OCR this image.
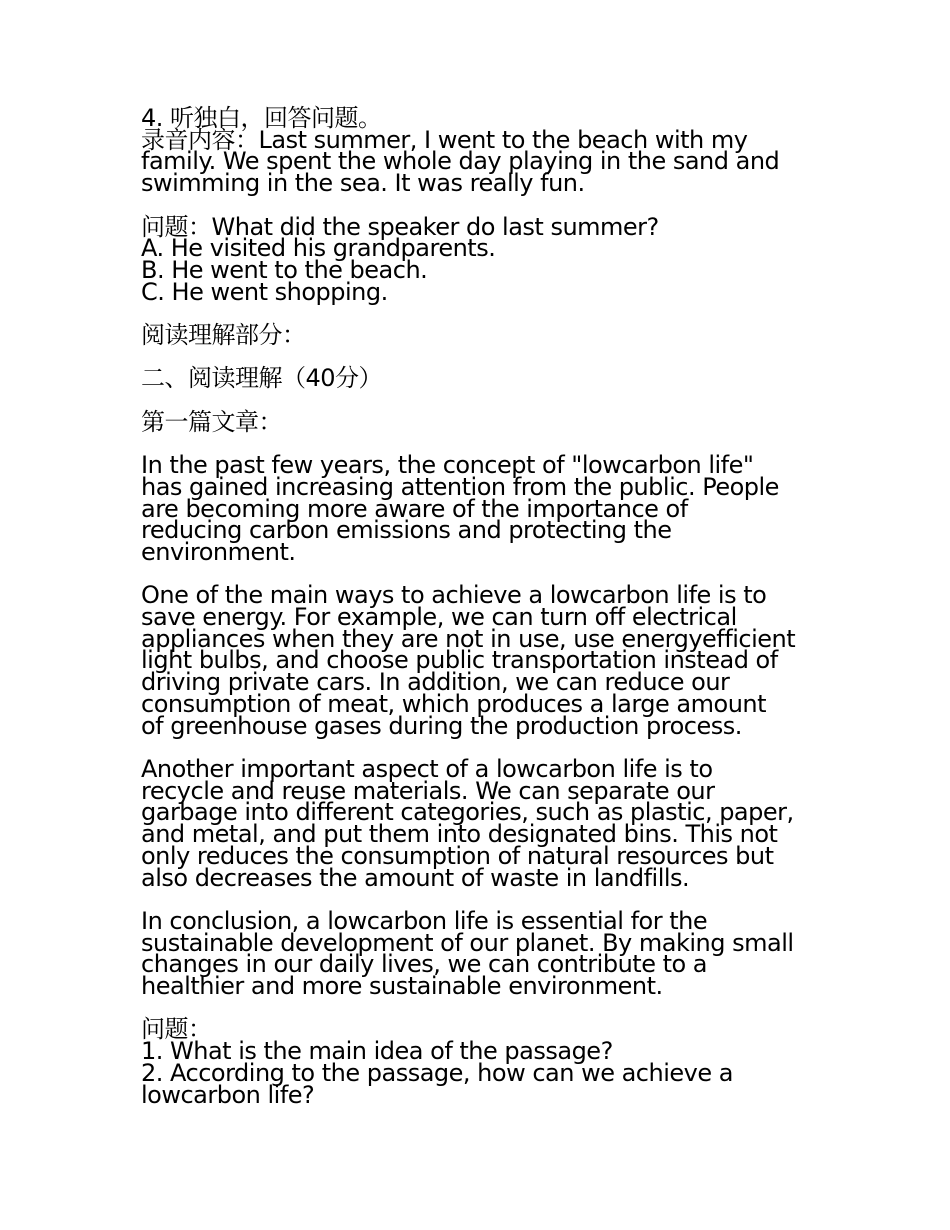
4. 听独白，回答问题。
录音内容：Last summer, I went to the beach with my
family. We spent the whole day playing in the sand and
swimming in the sea. It was really fun.
问题：What did the speaker do last summer?
A. He visited his grandparents.
B. He went to the beach.
C. He went shopping.
阅读理解部分：
二、阅读理解（40分）
第一篇文章：
In the past few years, the concept of "lowcarbon life"
has gained increasing attention from the public. People
are becoming more aware of the importance of
reducing carbon emissions and protecting the
environment.
One of the main ways to achieve a lowcarbon life is to
save energy. For example, we can turn off electrical
appliances when they are not in use, use energyefficient
light bulbs, and choose public transportation instead of
driving private cars. In addition, we can reduce our
consumption of meat, which produces a large amount
of greenhouse gases during the production process.
Another important aspect of a lowcarbon life is to
recycle and reuse materials. We can separate our
garbage into different categories, such as plastic, paper,
and metal, and put them into designated bins. This not
only reduces the consumption of natural resources but
also decreases the amount of waste in landfills.
In conclusion, a lowcarbon life is essential for the
sustainable development of our planet. By making small
changes in our daily lives, we can contribute to a
healthier and more sustainable environment.
问题：
1. What is the main idea of the passage?
2. According to the passage, how can we achieve a
lowcarbon life?
